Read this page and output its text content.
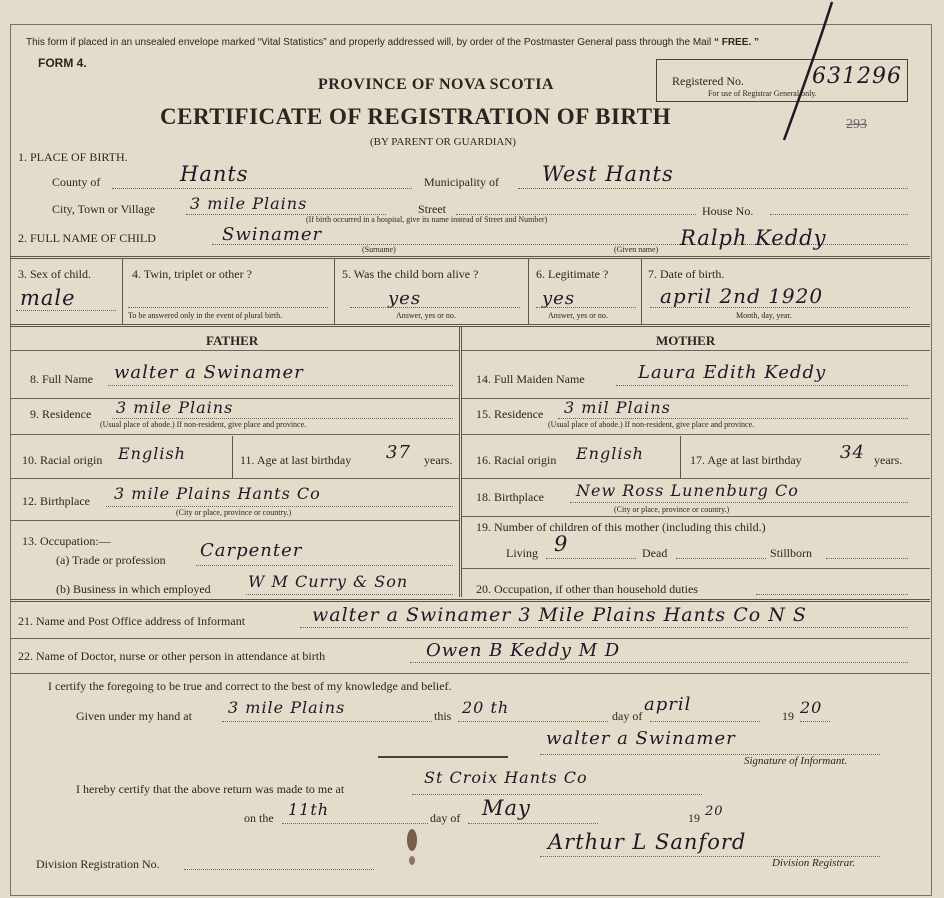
This form if placed in an unsealed envelope marked “Vital Statistics” and properly addressed will, by order of the Postmaster General pass through the Mail “ FREE. ”
FORM 4.
PROVINCE OF NOVA SCOTIA
CERTIFICATE OF REGISTRATION OF BIRTH
(BY PARENT OR GUARDIAN)
Registered No.	631296
For use of Registrar General only.
293
1. PLACE OF BIRTH.
County of	Hants	Municipality of West Hants
City, Town or Village 3 mile Plains	Street	House No.
(If birth occurred in a hospital, give its name instead of Street and Number)
2. FULL NAME OF CHILD	Swinamer
(Surname)	Ralph Keddy
(Given name)
3. Sex of child.
male
4. Twin, triplet or other ?
To be answered only in the event of plural birth.
5. Was the child born alive ?
yes
Answer, yes or no.
6. Legitimate ?
yes
Answer, yes or no.
7. Date of birth.
april 2nd 1920
Month, day, year.
FATHER
8. Full Name walter a Swinamer
9. Residence 3 mile Plains
(Usual place of abode.) If non-resident, give place and province.
10. Racial origin English	11. Age at last birthday 37 years.
12. Birthplace 3 mile Plains Hants Co
(City or place, province or country.)
13. Occupation:—
(a) Trade or profession Carpenter
(b) Business in which employed W M Curry & Son
MOTHER
14. Full Maiden Name	Laura Edith Keddy
15. Residence 3 mil Plains
(Usual place of abode.) If non-resident, give place and province.
16. Racial origin English	17. Age at last birthday 34 years.
18. Birthplace New Ross Lunenburg Co
(City or place, province or country.)
19. Number of children of this mother (including this child.)
Living 9	Dead	Stillborn
20. Occupation, if other than household duties
21. Name and Post Office address of Informant	walter a Swinamer 3 Mile Plains Hants Co N S
22. Name of Doctor, nurse or other person in attendance at birth	Owen B Keddy M D
I certify the foregoing to be true and correct to the best of my knowledge and belief.
Given under my hand at 3 mile Plains	this 20 th	day of
april
19 20
walter a Swinamer
Signature of Informant.
I hereby certify that the above return was made to me at
St Croix Hants Co
on the 11th	day of May	19 20
Division Registration No.
Arthur L Sanford
Division Registrar.
